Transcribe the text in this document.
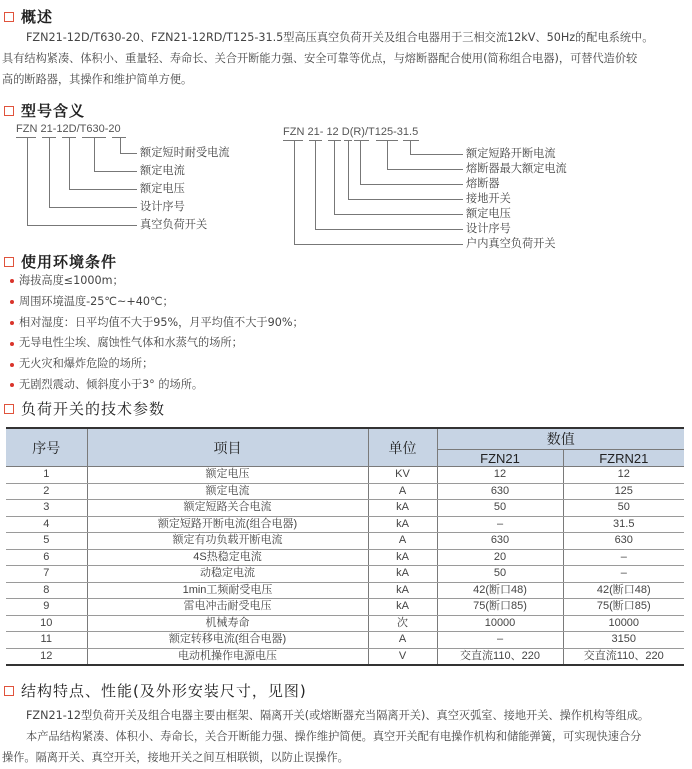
概述

FZN21-12D/T630-20、FZN21-12RD/T125-31.5型高压真空负荷开关及组合电器用于三相交流12kV、50Hz的配电系统中。

具有结构紧凑、体积小、重量轻、寿命长、关合开断能力强、安全可靠等优点，与熔断器配合使用(简称组合电器)，可替代造价较

高的断路器，其操作和维护简单方便。

型号含义
FZN 21-12D/T630-20
额定短时耐受电流
额定电流
额定电压
设计序号
真空负荷开关
FZN 21- 12 D(R)/T125-31.5
额定短路开断电流
熔断器最大额定电流
熔断器
接地开关
额定电压
设计序号
户内真空负荷开关
使用环境条件
海拔高度≤1000m；
周围环境温度-25℃~+40℃；
相对湿度：日平均值不大于95%，月平均值不大于90%；
无导电性尘埃、腐蚀性气体和水蒸气的场所；
无火灾和爆炸危险的场所；
无剧烈震动、倾斜度小于3° 的场所。
负荷开关的技术参数
序号	项目	单位	数值	
			FZN21	FZRN21
1	额定电压	KV	12	12
2	额定电流	A	630	125
3	额定短路关合电流	kA	50	50
4	额定短路开断电流(组合电器)	kA	–	31.5
5	额定有功负载开断电流	A	630	630
6	4S热稳定电流	kA	20	–
7	动稳定电流	kA	50	–
8	1min工频耐受电压	kA	42(断口48)	42(断口48)
9	雷电冲击耐受电压	kA	75(断口85)	75(断口85)
10	机械寿命	次	10000	10000
11	额定转移电流(组合电器)	A	–	3150
12	电动机操作电源电压	V	交直流110、220	交直流110、220
结构特点、性能(及外形安装尺寸，见图)

FZN21-12型负荷开关及组合电器主要由框架、隔离开关(或熔断器充当隔离开关)、真空灭弧室、接地开关、操作机构等组成。

本产品结构紧凑、体积小、寿命长，关合开断能力强、操作维护简便。真空开关配有电操作机构和储能弹簧，可实现快速合分

操作。隔离开关、真空开关，接地开关之间互相联锁，以防止误操作。
